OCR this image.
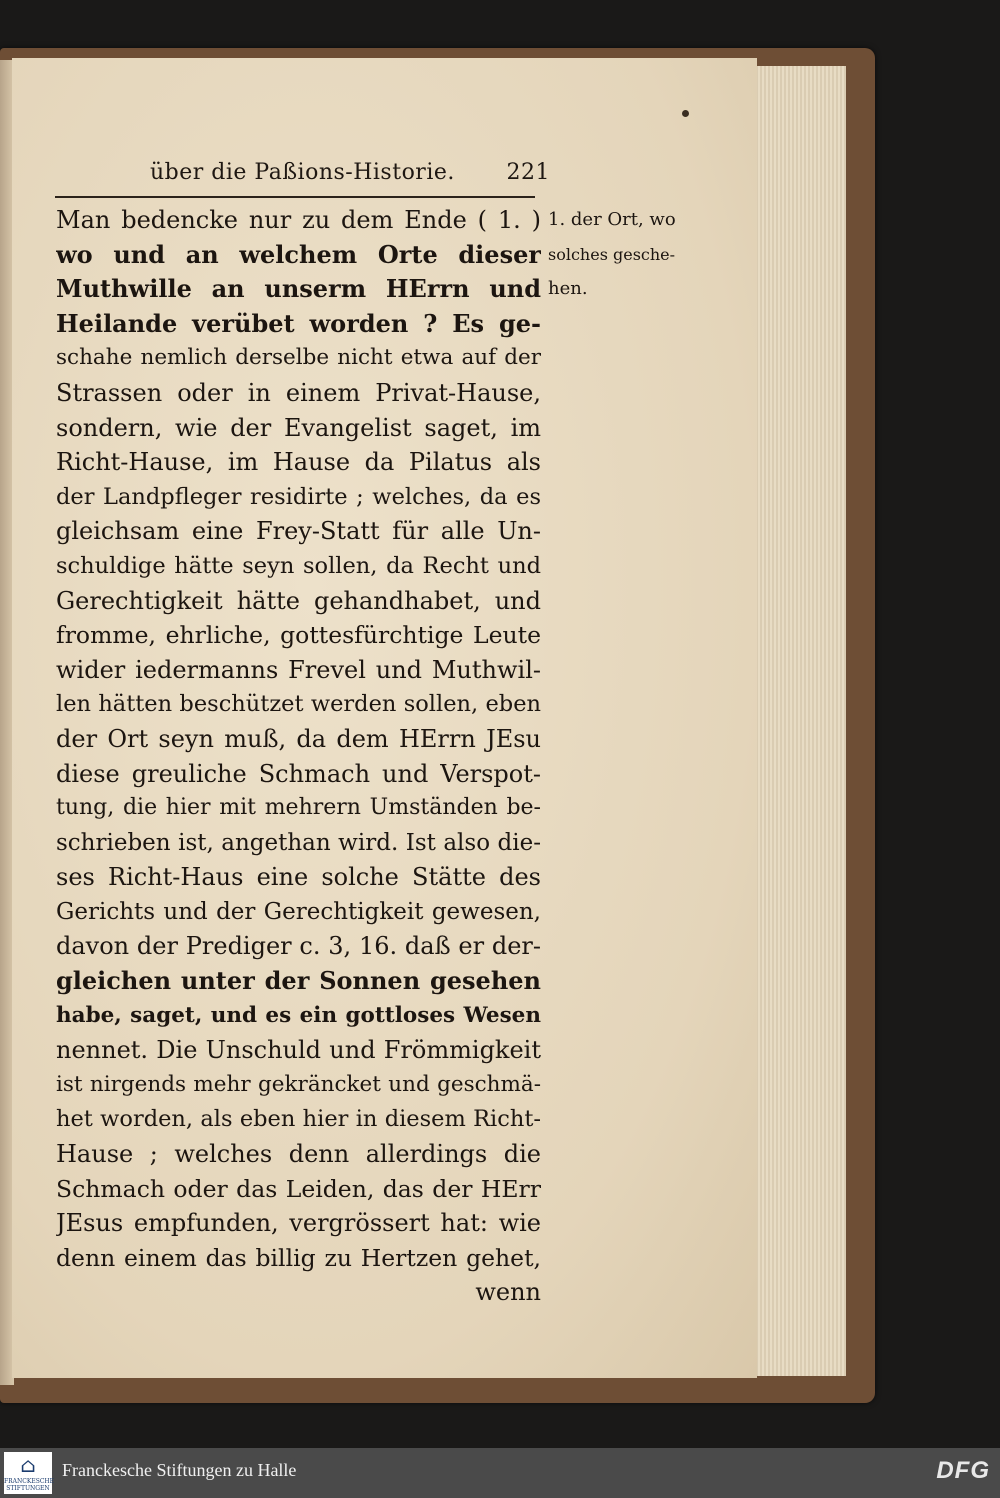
über die Paßions-Historie. 221
Man bedencke nur zu dem Ende ( 1. )
wo und an welchem Orte dieser
Muthwille an unserm HErrn und
Heilande verübet worden ? Es ge-
schahe nemlich derselbe nicht etwa auf der
Strassen oder in einem Privat-Hause,
sondern, wie der Evangelist saget, im
Richt-Hause, im Hause da Pilatus als
der Landpfleger residirte ; welches, da es
gleichsam eine Frey-Statt für alle Un-
schuldige hätte seyn sollen, da Recht und
Gerechtigkeit hätte gehandhabet, und
fromme, ehrliche, gottesfürchtige Leute
wider iedermanns Frevel und Muthwil-
len hätten beschützet werden sollen, eben
der Ort seyn muß, da dem HErrn JEsu
diese greuliche Schmach und Verspot-
tung, die hier mit mehrern Umständen be-
schrieben ist, angethan wird. Ist also die-
ses Richt-Haus eine solche Stätte des
Gerichts und der Gerechtigkeit gewesen,
davon der Prediger c. 3, 16. daß er der-
gleichen unter der Sonnen gesehen
habe, saget, und es ein gottloses Wesen
nennet. Die Unschuld und Frömmigkeit
ist nirgends mehr gekräncket und geschmä-
het worden, als eben hier in diesem Richt-
Hause ; welches denn allerdings die
Schmach oder das Leiden, das der HErr
JEsus empfunden, vergrössert hat: wie
denn einem das billig zu Hertzen gehet,
wenn
1. der Ort, wo
solches gesche-
hen.
⌂
FRANCKESCHE STIFTUNGEN
Franckesche Stiftungen zu Halle	DFG
